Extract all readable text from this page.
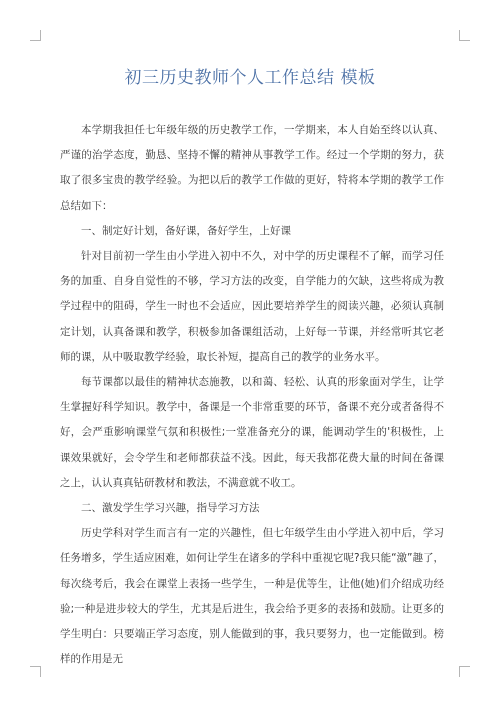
初三历史教师个人工作总结 模板

本学期我担任七年级年级的历史教学工作，一学期来，本人自始至终以认真、严谨的治学态度，勤恳、坚持不懈的精神从事教学工作。经过一个学期的努力，获取了很多宝贵的教学经验。为把以后的教学工作做的更好，特将本学期的教学工作总结如下：

一、制定好计划，备好课，备好学生，上好课

针对目前初一学生由小学进入初中不久，对中学的历史课程不了解，而学习任务的加重、自身自觉性的不够，学习方法的改变，自学能力的欠缺，这些将成为教学过程中的阻碍，学生一时也不会适应，因此要培养学生的阅读兴趣，必须认真制定计划，认真备课和教学，积极参加备课组活动，上好每一节课，并经常听其它老师的课，从中吸取教学经验，取长补短，提高自己的教学的业务水平。

每节课都以最佳的精神状态施教，以和蔼、轻松、认真的形象面对学生，让学生掌握好科学知识。教学中，备课是一个非常重要的环节，备课不充分或者备得不好，会严重影响课堂气氛和积极性;一堂准备充分的课，能调动学生的'积极性，上课效果就好，会令学生和老师都获益不浅。因此，每天我都花费大量的时间在备课之上，认认真真钻研教材和教法，不满意就不收工。

二、激发学生学习兴趣，指导学习方法

历史学科对学生而言有一定的兴趣性，但七年级学生由小学进入初中后，学习任务增多，学生适应困难，如何让学生在诸多的学科中重视它呢?我只能“激”趣了，每次绕考后，我会在课堂上表扬一些学生，一种是优等生，让他(她)们介绍成功经验;一种是进步较大的学生，尤其是后进生，我会给予更多的表扬和鼓励。让更多的学生明白：只要端正学习态度，别人能做到的事，我只要努力，也一定能做到。榜样的作用是无
